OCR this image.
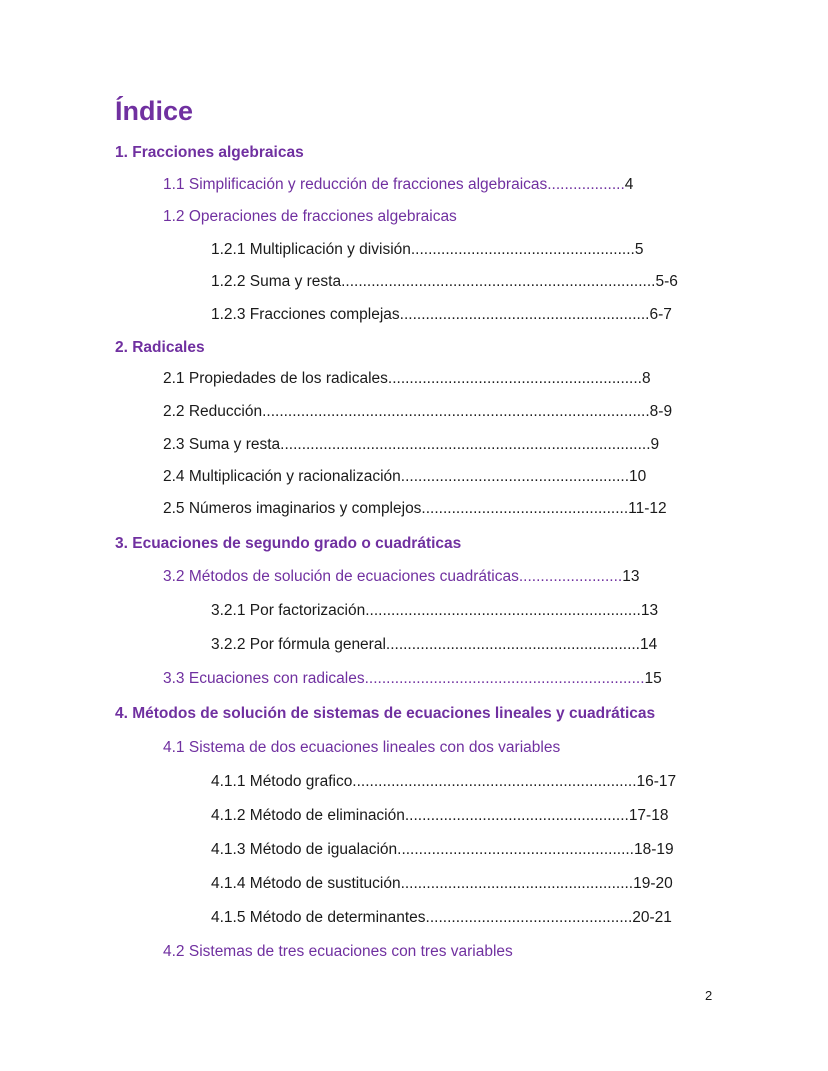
Índice
1. Fracciones algebraicas
1.1 Simplificación y reducción de fracciones algebraicas..................4
1.2 Operaciones de fracciones algebraicas
1.2.1 Multiplicación y división....................................................5
1.2.2 Suma y resta.........................................................................5-6
1.2.3 Fracciones complejas..........................................................6-7
2. Radicales
2.1 Propiedades de los radicales...........................................................8
2.2 Reducción..........................................................................................8-9
2.3 Suma y resta......................................................................................9
2.4 Multiplicación y racionalización.....................................................10
2.5 Números imaginarios y complejos................................................11-12
3. Ecuaciones de segundo grado o cuadráticas
3.2 Métodos de solución de ecuaciones cuadráticas........................13
3.2.1 Por factorización................................................................13
3.2.2 Por fórmula general...........................................................14
3.3 Ecuaciones con radicales.................................................................15
4. Métodos de solución de sistemas de ecuaciones lineales y cuadráticas
4.1 Sistema de dos ecuaciones lineales con dos variables
4.1.1 Método grafico..................................................................16-17
4.1.2 Método de eliminación....................................................17-18
4.1.3 Método de igualación.......................................................18-19
4.1.4 Método de sustitución......................................................19-20
4.1.5 Método de determinantes................................................20-21
4.2 Sistemas de tres ecuaciones con tres variables
2
